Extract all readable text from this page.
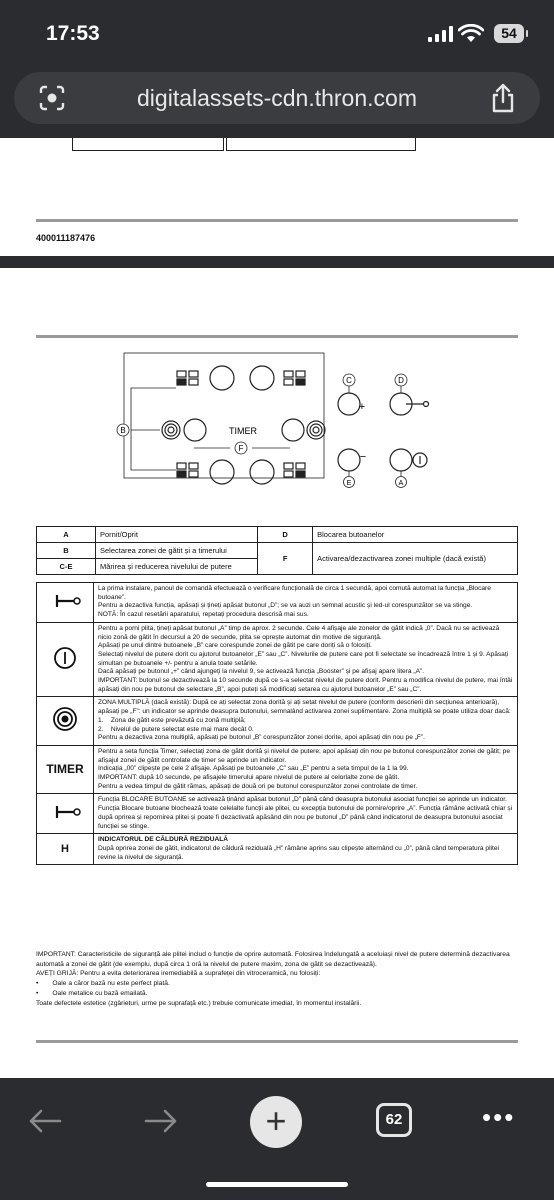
17:53	54
digitalassets-cdn.thron.com
400011187476
B	TIMER
F
C
+
D
−
E	A
A	Pornit/Oprit	D	Blocarea butoanelor
B	Selectarea zonei de gătit și a timerului	F	Activarea/dezactivarea zonei multiple (dacă există)
C-E	Mărirea și reducerea nivelului de putere		

La prima instalare, panoul de comandă efectuează o verificare funcțională de circa 1 secundă, apoi comută automat la funcția „Blocare butoane”.
Pentru a dezactiva funcția, apăsați și țineți apăsat butonul „D”; se va auzi un semnal acustic și led-ul corespunzător se va stinge.
NOTĂ: În cazul resetării aparatului, repetați procedura descrisă mai sus.

Pentru a porni plita, țineți apăsat butonul „A” timp de aprox. 2 secunde. Cele 4 afișaje ale zonelor de gătit indică „0”. Dacă nu se activează nicio zonă de gătit în decursul a 20 de secunde, plita se oprește automat din motive de siguranță.
Apăsați pe unul dintre butoanele „B” care corespunde zonei de gătit pe care doriți să o folosiți.
Selectați nivelul de putere dorit cu ajutorul butoanelor „E” sau „C”. Nivelurile de putere care pot fi selectate se încadrează între 1 și 9. Apăsați simultan pe butoanele +/- pentru a anula toate setările.
Dacă apăsați pe butonul „+” când ajungeți la nivelul 9, se activează funcția „Booster” și pe afișaj apare litera „A”.
IMPORTANT: butonul se dezactivează la 10 secunde după ce s-a selectat nivelul de putere dorit. Pentru a modifica nivelul de putere, mai întâi apăsați din nou pe butonul de selectare „B”, apoi puteți să modificați setarea cu ajutorul butoanelor „E” sau „C”.

ZONA MULTIPLĂ (dacă există): După ce ați selectat zona dorită și ați setat nivelul de putere (conform descrierii din secțiunea anterioară), apăsați pe „F”: un indicator se aprinde deasupra butonului, semnalând activarea zonei suplimentare. Zona multiplă se poate utiliza doar dacă:
1.    Zona de gătit este prevăzută cu zonă multiplă;
2.    Nivelul de putere selectat este mai mare decât 0.
Pentru a dezactiva zona multiplă, apăsați pe butonul „B” corespunzător zonei dorite, apoi apăsați din nou pe „F”.

TIMER	Pentru a seta funcția Timer, selectați zona de gătit dorită și nivelul de putere; apoi apăsați din nou pe butonul corespunzător zonei de gătit; pe afișajul zonei de gătit controlate de timer se aprinde un indicator.
Indicația „00” clipește pe cele 2 afișaje. Apăsați pe butoanele „C” sau „E” pentru a seta timpul de la 1 la 99.
IMPORTANT: după 10 secunde, pe afișajele timerului apare nivelul de putere al celorlalte zone de gătit.
Pentru a vedea timpul de gătit rămas, apăsați de două ori pe butonul corespunzător zonei controlate de timer.

Funcția BLOCARE BUTOANE se activează ținând apăsat butonul „D” până când deasupra butonului asociat funcției se aprinde un indicator. Funcția Blocare butoane blochează toate celelalte funcții ale plitei, cu excepția butonului de pornire/oprire „A”. Funcția rămâne activată chiar și după oprirea și repornirea plitei și poate fi dezactivată apăsând din nou pe butonul „D” până când indicatorul de deasupra butonului asociat funcției se stinge.

H	INDICATORUL DE CĂLDURĂ REZIDUALĂ
După oprirea zonei de gătit, indicatorul de căldură reziduală „H” rămâne aprins sau clipește alternând cu „0”, până când temperatura plitei revine la nivelul de siguranță.
IMPORTANT: Caracteristicile de siguranță ale plitei includ o funcție de oprire automată. Folosirea îndelungată a aceluiași nivel de putere determină dezactivarea automată a zonei de gătit (de exemplu, după circa 1 oră la nivelul de putere maxim, zona de gătit se dezactivează).
AVEȚI GRIJĂ: Pentru a evita deteriorarea iremediabilă a suprafeței din vitroceramică, nu folosiți:
• Oale a căror bază nu este perfect plată.
• Oale metalice cu bază emailată.
Toate defectele estetice (zgârieturi, urme pe suprafață etc.) trebuie comunicate imediat, în momentul instalării.
+	62	•••
